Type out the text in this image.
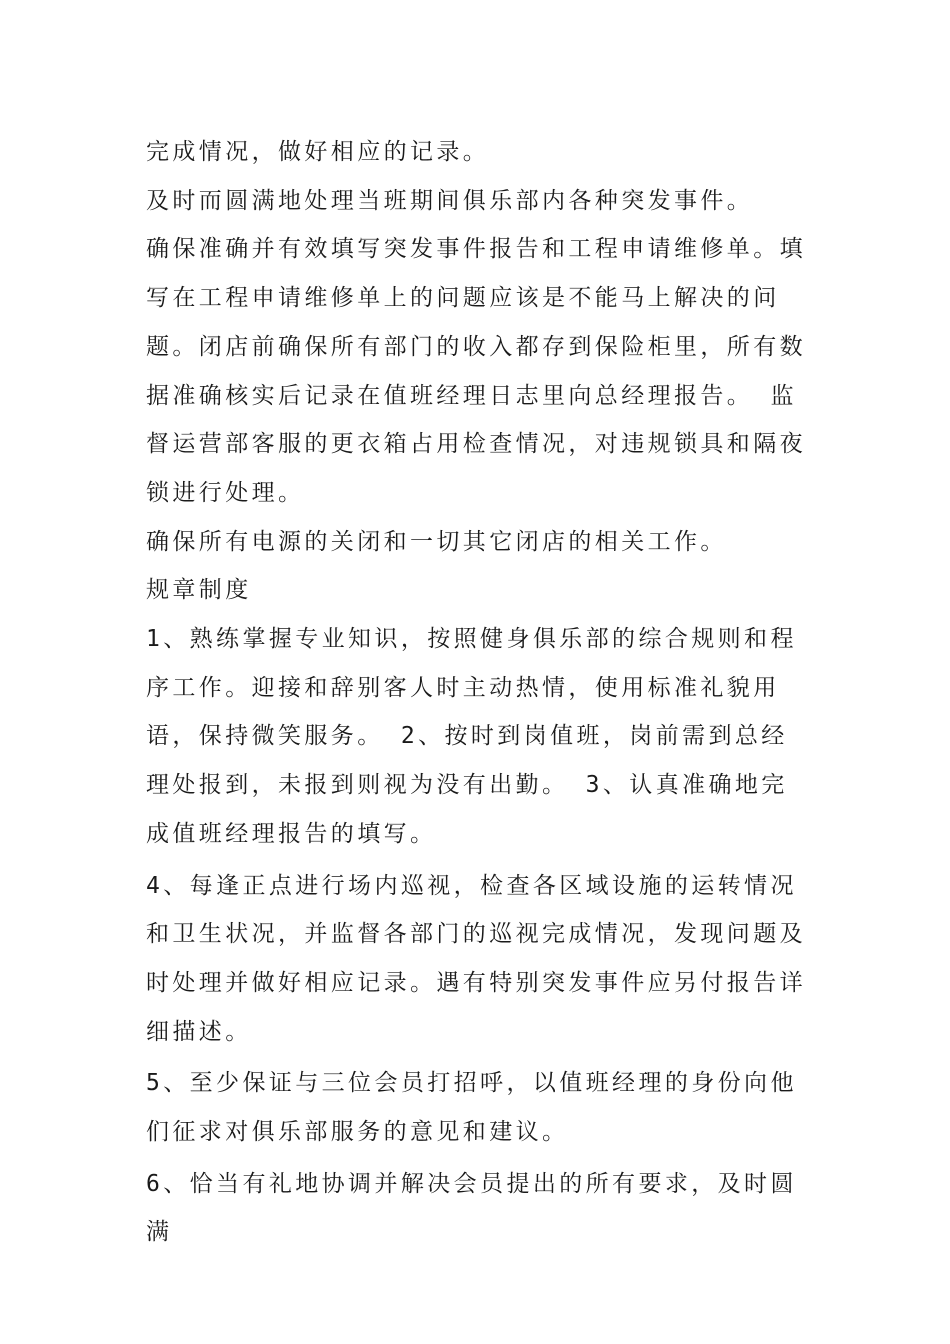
完成情况，做好相应的记录。

及时而圆满地处理当班期间俱乐部内各种突发事件。

确保准确并有效填写突发事件报告和工程申请维修单。填写在工程申请维修单上的问题应该是不能马上解决的问题。闭店前确保所有部门的收入都存到保险柜里，所有数据准确核实后记录在值班经理日志里向总经理报告。 监督运营部客服的更衣箱占用检查情况，对违规锁具和隔夜锁进行处理。

确保所有电源的关闭和一切其它闭店的相关工作。

规章制度

1、熟练掌握专业知识，按照健身俱乐部的综合规则和程序工作。迎接和辞别客人时主动热情，使用标准礼貌用语，保持微笑服务。 2、按时到岗值班，岗前需到总经理处报到，未报到则视为没有出勤。 3、认真准确地完成值班经理报告的填写。

4、每逢正点进行场内巡视，检查各区域设施的运转情况和卫生状况，并监督各部门的巡视完成情况，发现问题及时处理并做好相应记录。遇有特别突发事件应另付报告详细描述。

5、至少保证与三位会员打招呼，以值班经理的身份向他们征求对俱乐部服务的意见和建议。

6、恰当有礼地协调并解决会员提出的所有要求，及时圆满
